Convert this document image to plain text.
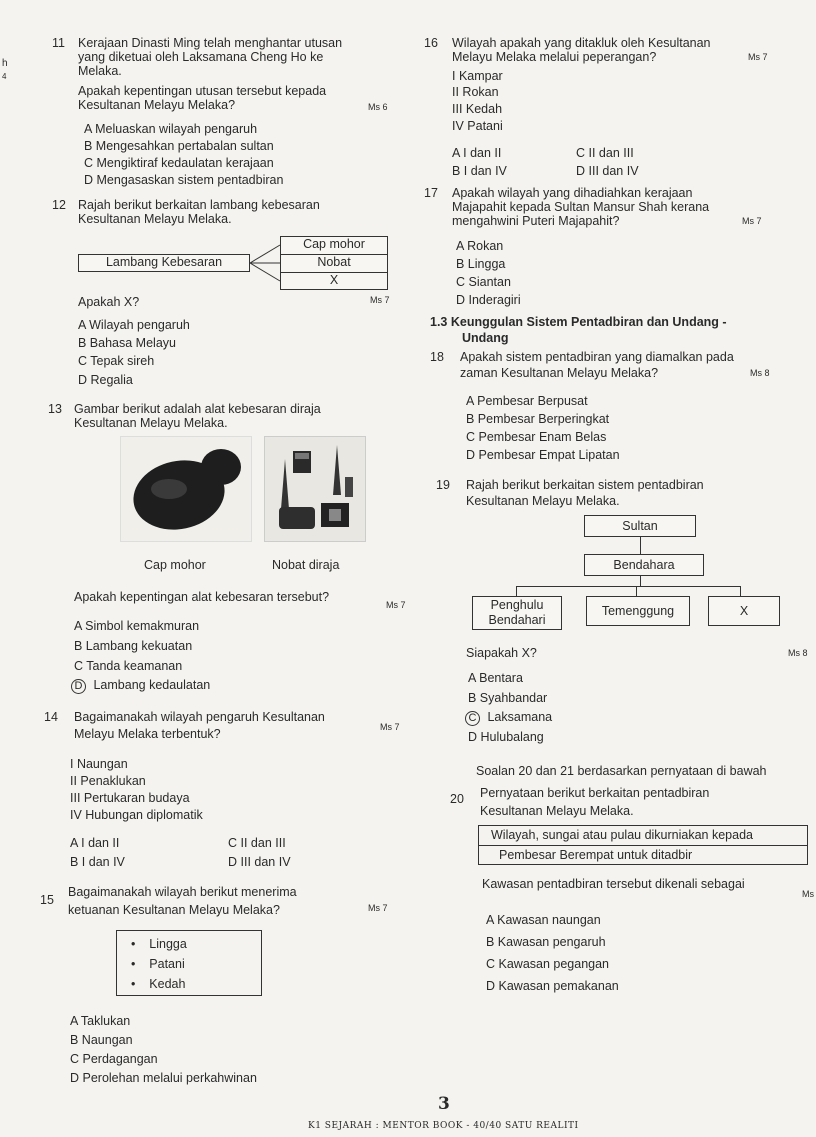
h
4
11 Kerajaan Dinasti Ming telah menghantar utusan
yang diketuai oleh Laksamana Cheng Ho ke
Melaka.
Apakah kepentingan utusan tersebut kepada
Kesultanan Melayu Melaka?	Ms 6
A Meluaskan wilayah pengaruh
B Mengesahkan pertabalan sultan
C Mengiktiraf kedaulatan kerajaan
D Mengasaskan sistem pentadbiran
12 Rajah berikut berkaitan lambang kebesaran
Kesultanan Melayu Melaka.
Lambang Kebesaran
Cap mohor
Nobat
X
Apakah X?	Ms 7
A Wilayah pengaruh
B Bahasa Melayu
C Tepak sireh
D Regalia
13 Gambar berikut adalah alat kebesaran diraja
Kesultanan Melayu Melaka.
Cap mohor	Nobat diraja
Apakah kepentingan alat kebesaran tersebut?
Ms 7
A Simbol kemakmuran
B Lambang kekuatan
C Tanda keamanan
D Lambang kedaulatan
14 Bagaimanakah wilayah pengaruh Kesultanan
Melayu Melaka terbentuk?	Ms 7
I Naungan
II Penaklukan
III Pertukaran budaya
IV Hubungan diplomatik
A I dan II
B I dan IV
C II dan III
D III dan IV
15
Bagaimanakah wilayah berikut menerima
ketuanan Kesultanan Melayu Melaka?	Ms 7
•    Lingga
•    Patani
•    Kedah
A Taklukan
B Naungan
C Perdagangan
D Perolehan melalui perkahwinan
16 Wilayah apakah yang ditakluk oleh Kesultanan
Melayu Melaka melalui peperangan?	Ms 7
I Kampar
II Rokan
III Kedah
IV Patani
A I dan II
B I dan IV
C II dan III
D III dan IV
17 Apakah wilayah yang dihadiahkan kerajaan
Majapahit kepada Sultan Mansur Shah kerana
mengahwini Puteri Majapahit?	Ms 7
A Rokan
B Lingga
C Siantan
D Inderagiri
1.3 Keunggulan Sistem Pentadbiran dan Undang -
Undang
18 Apakah sistem pentadbiran yang diamalkan pada
zaman Kesultanan Melayu Melaka?	Ms 8
A Pembesar Berpusat
B Pembesar Berperingkat
C Pembesar Enam Belas
D Pembesar Empat Lipatan
19 Rajah berikut berkaitan sistem pentadbiran
Kesultanan Melayu Melaka.
Sultan
Bendahara
Penghulu
Bendahari
Temenggung	X
Siapakah X?	Ms 8
A Bentara
B Syahbandar
C Laksamana
D Hulubalang
Soalan 20 dan 21 berdasarkan pernyataan di bawah
20 Pernyataan berikut berkaitan pentadbiran
Kesultanan Melayu Melaka.
Wilayah, sungai atau pulau dikurniakan kepada
Pembesar Berempat untuk ditadbir
Kawasan pentadbiran tersebut dikenali sebagai
Ms
A Kawasan naungan
B Kawasan pengaruh
C Kawasan pegangan
D Kawasan pemakanan
3
K1 SEJARAH : MENTOR BOOK - 40/40 SATU REALITI
